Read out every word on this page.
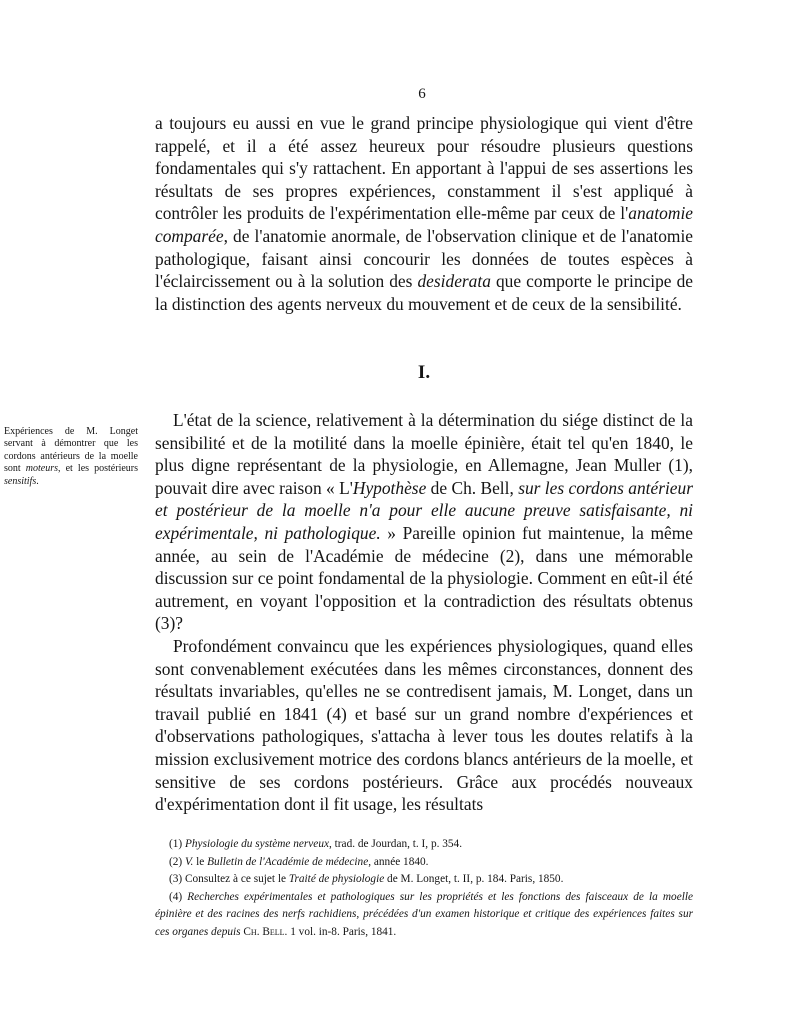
6

a toujours eu aussi en vue le grand principe physiologique qui vient d'être rappelé, et il a été assez heureux pour résoudre plusieurs questions fondamentales qui s'y rattachent. En apportant à l'appui de ses assertions les résultats de ses propres expériences, constamment il s'est appliqué à contrôler les produits de l'expérimentation elle-même par ceux de l'anatomie comparée, de l'anatomie anormale, de l'observation clinique et de l'anatomie pathologique, faisant ainsi concourir les données de toutes espèces à l'éclaircissement ou à la solution des desiderata que comporte le principe de la distinction des agents nerveux du mouvement et de ceux de la sensibilité.

I.
Expériences de M. Longet servant à démontrer que les cordons antérieurs de la moelle sont moteurs, et les postérieurs sensitifs.

L'état de la science, relativement à la détermination du siége distinct de la sensibilité et de la motilité dans la moelle épinière, était tel qu'en 1840, le plus digne représentant de la physiologie, en Allemagne, Jean Muller (1), pouvait dire avec raison « L'Hypothèse de Ch. Bell, sur les cordons antérieur et postérieur de la moelle n'a pour elle aucune preuve satisfaisante, ni expérimentale, ni pathologique. » Pareille opinion fut maintenue, la même année, au sein de l'Académie de médecine (2), dans une mémorable discussion sur ce point fondamental de la physiologie. Comment en eût-il été autrement, en voyant l'opposition et la contradiction des résultats obtenus (3)?

Profondément convaincu que les expériences physiologiques, quand elles sont convenablement exécutées dans les mêmes circonstances, donnent des résultats invariables, qu'elles ne se contredisent jamais, M. Longet, dans un travail publié en 1841 (4) et basé sur un grand nombre d'expériences et d'observations pathologiques, s'attacha à lever tous les doutes relatifs à la mission exclusivement motrice des cordons blancs antérieurs de la moelle, et sensitive de ses cordons postérieurs. Grâce aux procédés nouveaux d'expérimentation dont il fit usage, les résultats

(1) Physiologie du système nerveux, trad. de Jourdan, t. I, p. 354.

(2) V. le Bulletin de l'Académie de médecine, année 1840.

(3) Consultez à ce sujet le Traité de physiologie de M. Longet, t. II, p. 184. Paris, 1850.

(4) Recherches expérimentales et pathologiques sur les propriétés et les fonctions des faisceaux de la moelle épinière et des racines des nerfs rachidiens, précédées d'un examen historique et critique des expériences faites sur ces organes depuis Ch. Bell. 1 vol. in-8. Paris, 1841.
